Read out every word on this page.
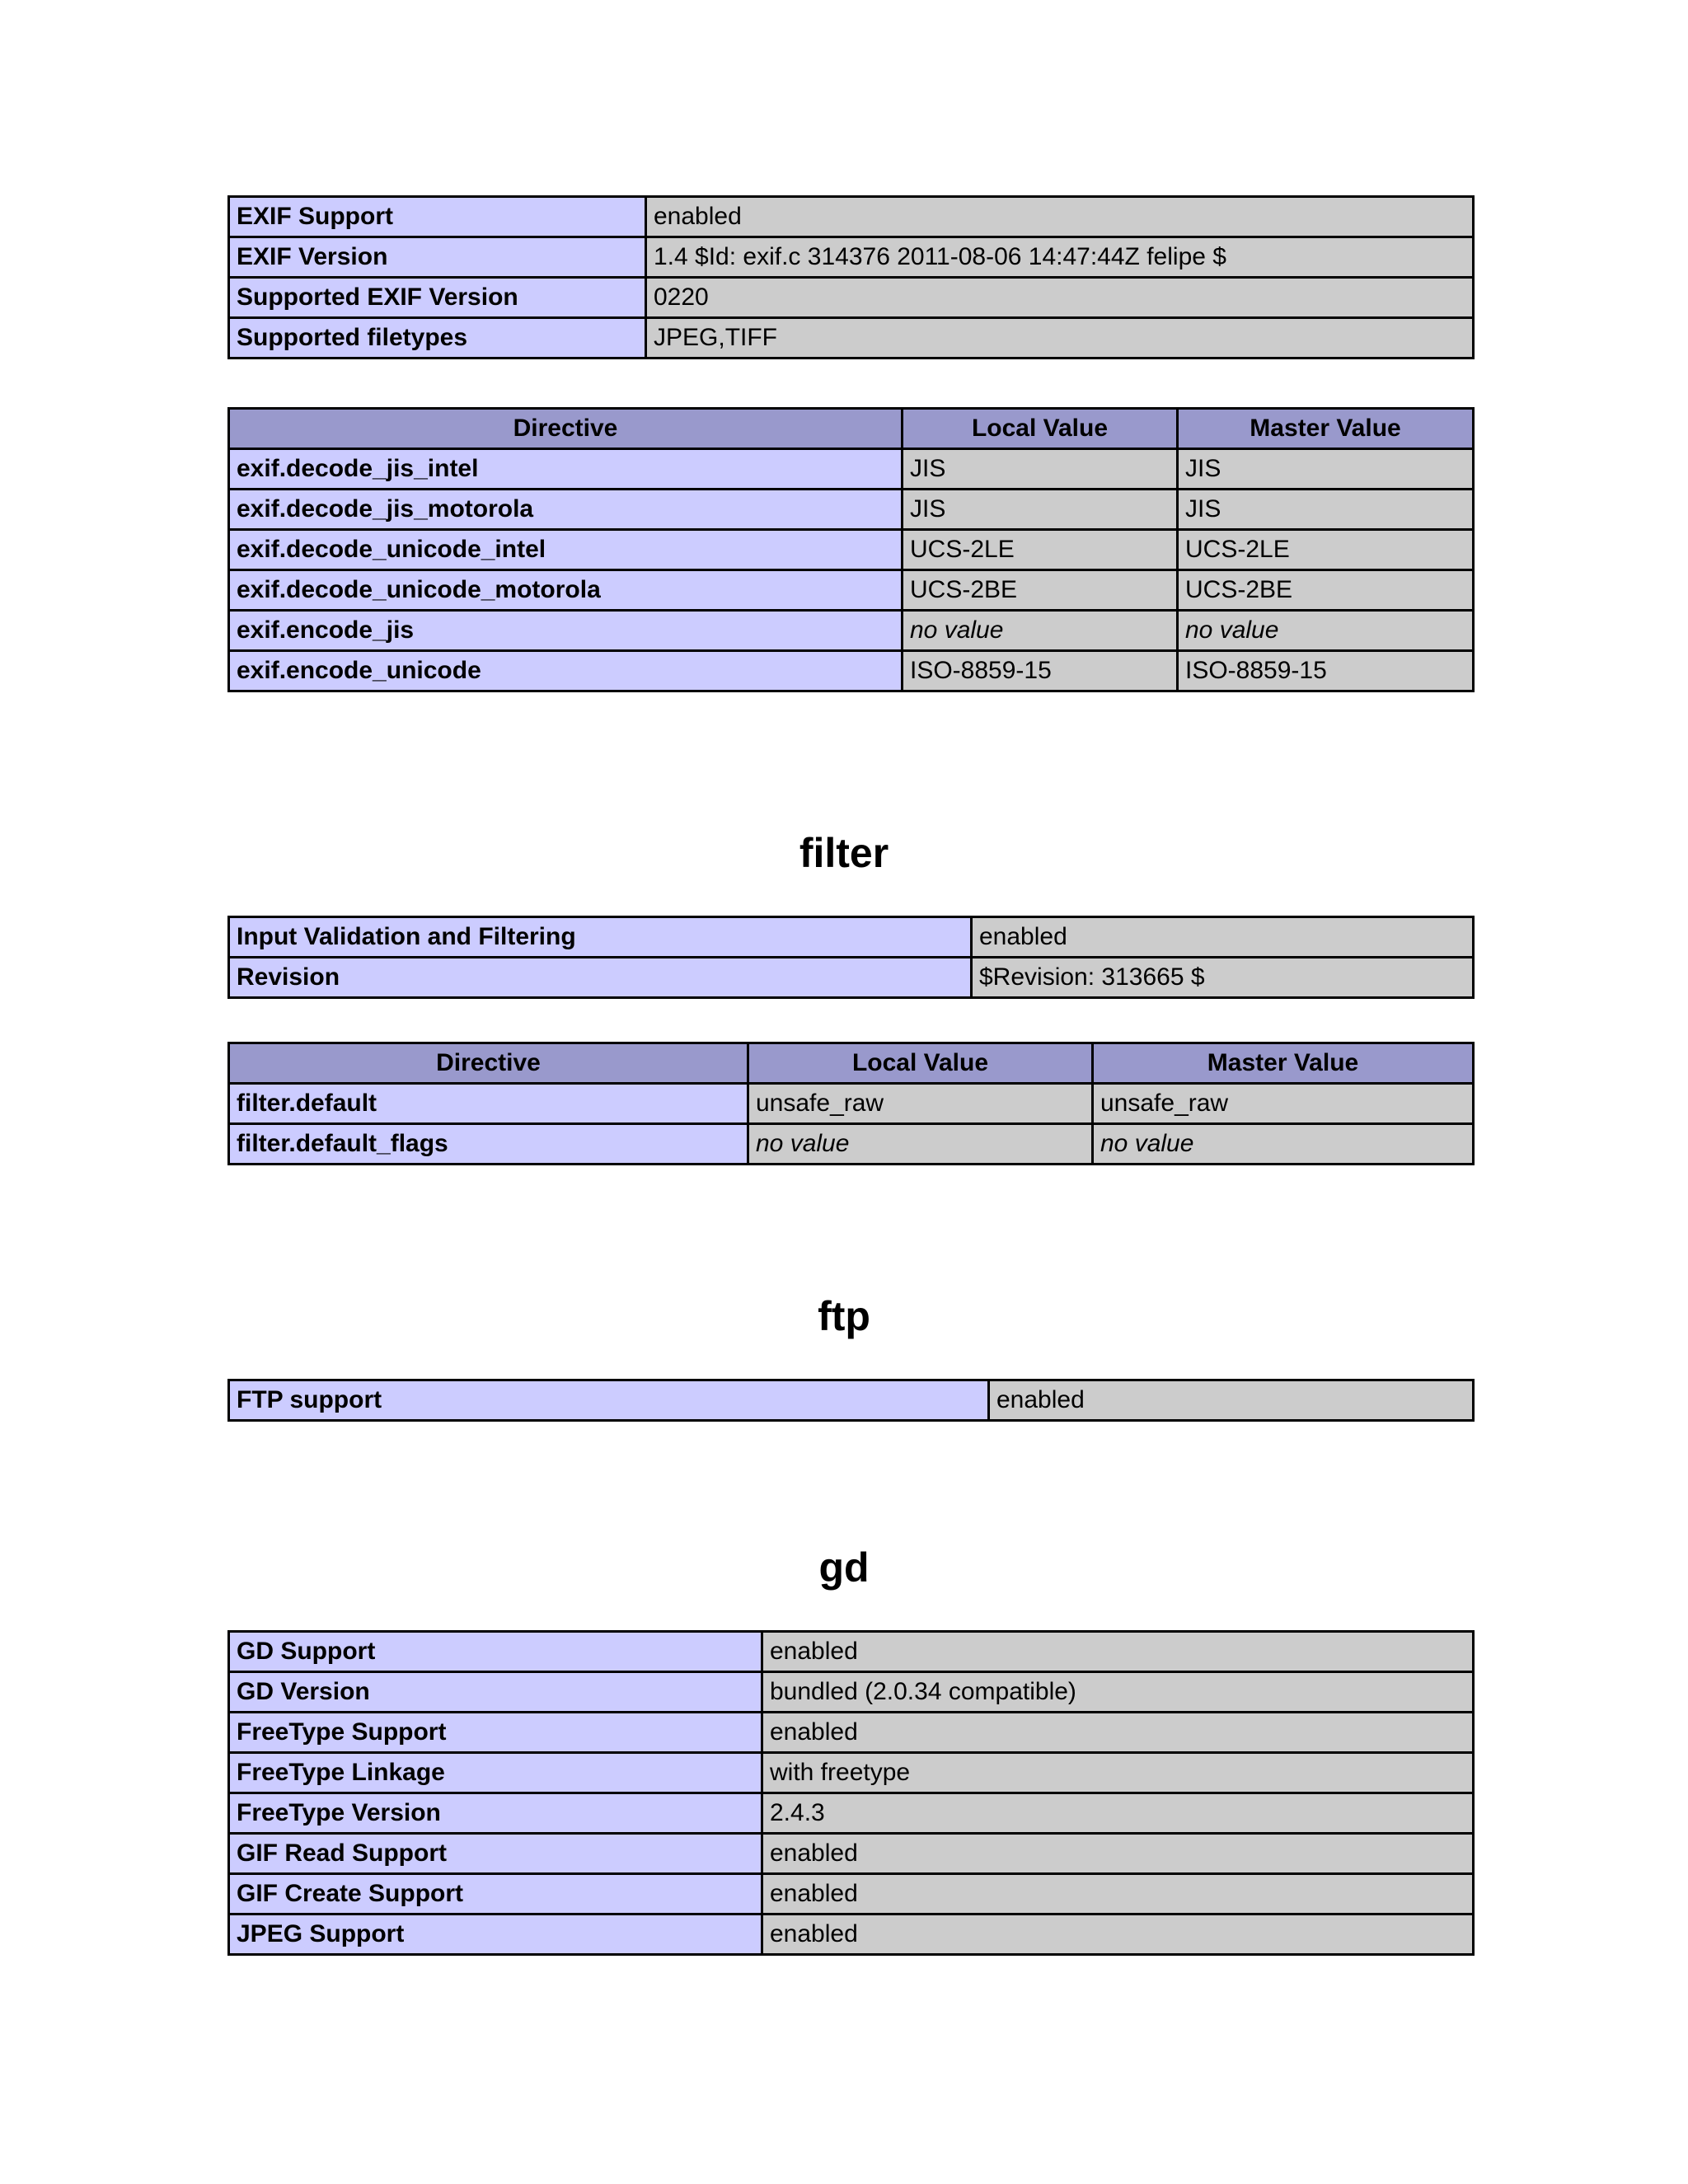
EXIF Support	enabled
EXIF Version	1.4 $Id: exif.c 314376 2011-08-06 14:47:44Z felipe $
Supported EXIF Version	0220
Supported filetypes	JPEG,TIFF
Directive	Local Value	Master Value
exif.decode_jis_intel	JIS	JIS
exif.decode_jis_motorola	JIS	JIS
exif.decode_unicode_intel	UCS-2LE	UCS-2LE
exif.decode_unicode_motorola	UCS-2BE	UCS-2BE
exif.encode_jis	no value	no value
exif.encode_unicode	ISO-8859-15	ISO-8859-15
filter
Input Validation and Filtering	enabled
Revision	$Revision: 313665 $
Directive	Local Value	Master Value
filter.default	unsafe_raw	unsafe_raw
filter.default_flags	no value	no value
ftp
FTP support	enabled
gd
GD Support	enabled
GD Version	bundled (2.0.34 compatible)
FreeType Support	enabled
FreeType Linkage	with freetype
FreeType Version	2.4.3
GIF Read Support	enabled
GIF Create Support	enabled
JPEG Support	enabled
